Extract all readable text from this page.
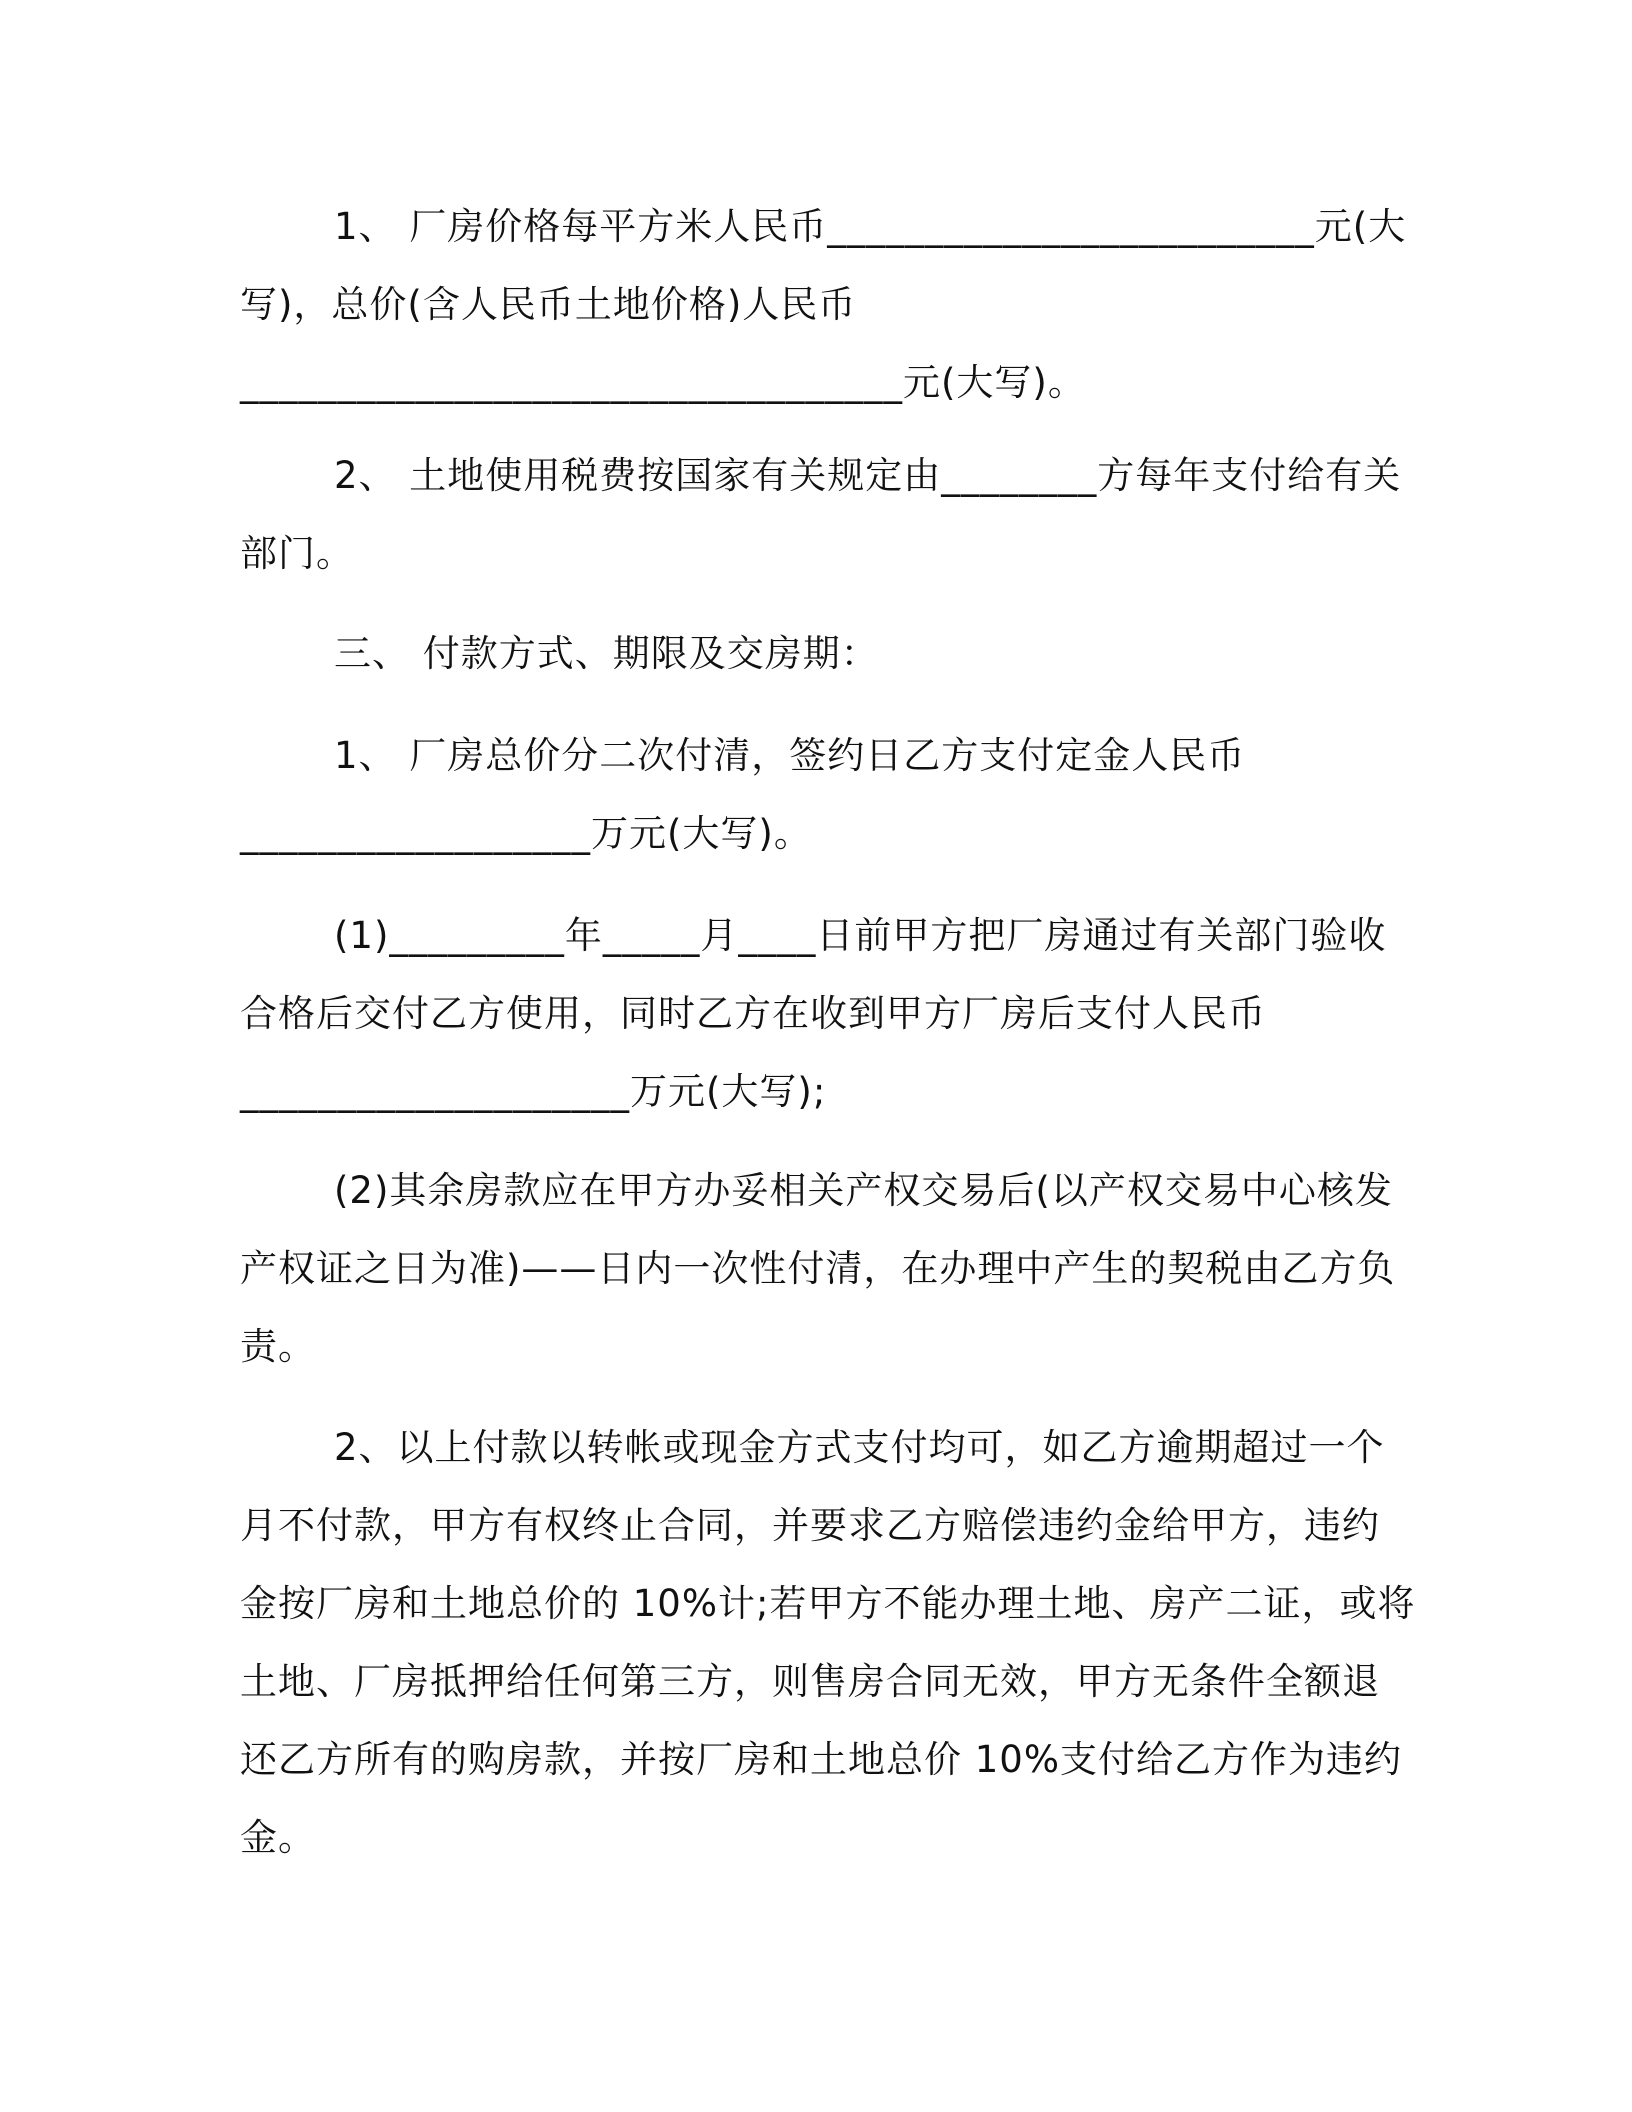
1、 厂房价格每平方米人民币_________________________元(大
写)，总价(含人民币土地价格)人民币
__________________________________元(大写)。
2、 土地使用税费按国家有关规定由________方每年支付给有关
部门。
三、 付款方式、期限及交房期：
1、 厂房总价分二次付清，签约日乙方支付定金人民币
__________________万元(大写)。
(1)_________年_____月____日前甲方把厂房通过有关部门验收
合格后交付乙方使用，同时乙方在收到甲方厂房后支付人民币
____________________万元(大写);
(2)其余房款应在甲方办妥相关产权交易后(以产权交易中心核发
产权证之日为准)——日内一次性付清，在办理中产生的契税由乙方负
责。
2、以上付款以转帐或现金方式支付均可，如乙方逾期超过一个
月不付款，甲方有权终止合同，并要求乙方赔偿违约金给甲方，违约
金按厂房和土地总价的 10%计;若甲方不能办理土地、房产二证，或将
土地、厂房抵押给任何第三方，则售房合同无效，甲方无条件全额退
还乙方所有的购房款，并按厂房和土地总价 10%支付给乙方作为违约
金。
